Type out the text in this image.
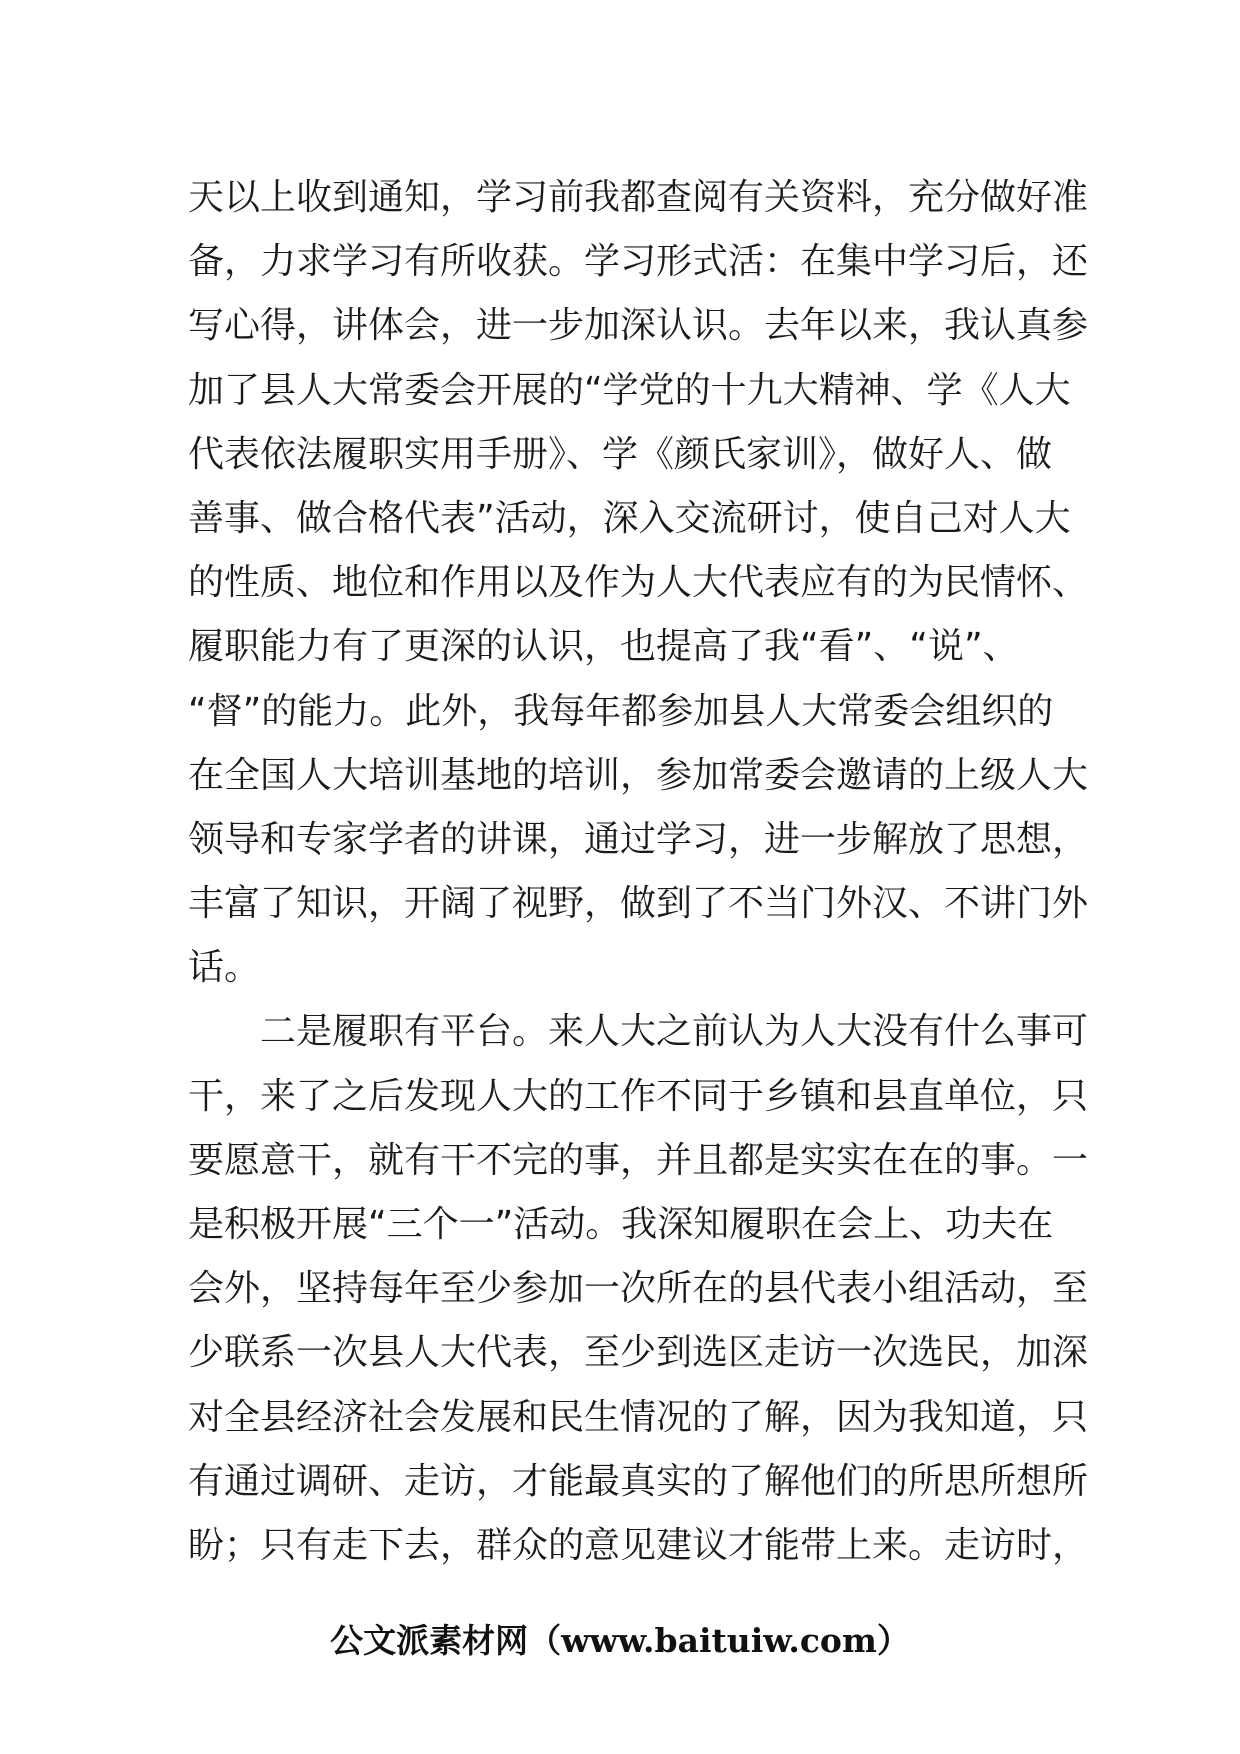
天以上收到通知，学习前我都查阅有关资料，充分做好准
备，力求学习有所收获。学习形式活：在集中学习后，还
写心得，讲体会，进一步加深认识。去年以来，我认真参
加了县人大常委会开展的“学党的十九大精神、学《人大
代表依法履职实用手册》、学《颜氏家训》，做好人、做
善事、做合格代表”活动，深入交流研讨，使自己对人大
的性质、地位和作用以及作为人大代表应有的为民情怀、
履职能力有了更深的认识，也提高了我“看”、“说”、
“督”的能力。此外，我每年都参加县人大常委会组织的
在全国人大培训基地的培训，参加常委会邀请的上级人大
领导和专家学者的讲课，通过学习，进一步解放了思想，
丰富了知识，开阔了视野，做到了不当门外汉、不讲门外
话。
二是履职有平台。来人大之前认为人大没有什么事可
干，来了之后发现人大的工作不同于乡镇和县直单位，只
要愿意干，就有干不完的事，并且都是实实在在的事。一
是积极开展“三个一”活动。我深知履职在会上、功夫在
会外，坚持每年至少参加一次所在的县代表小组活动，至
少联系一次县人大代表，至少到选区走访一次选民，加深
对全县经济社会发展和民生情况的了解，因为我知道，只
有通过调研、走访，才能最真实的了解他们的所思所想所
盼；只有走下去，群众的意见建议才能带上来。走访时，
公文派素材网（www.baituiw.com）
